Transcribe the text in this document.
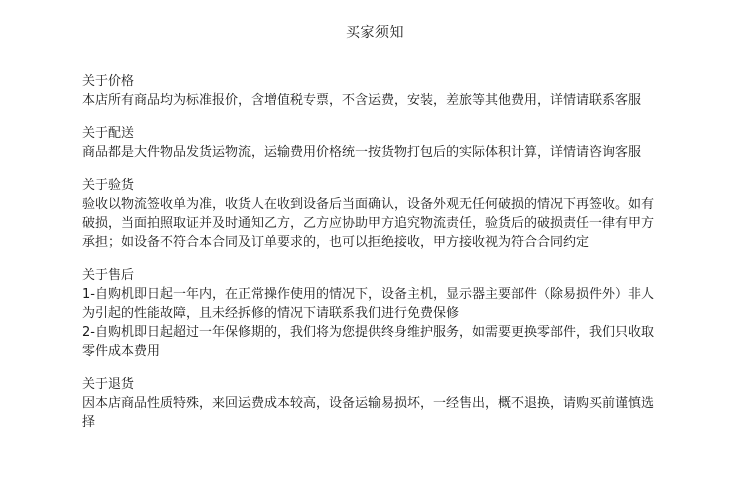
买家须知
关于价格

本店所有商品均为标准报价，含增值税专票，不含运费，安装，差旅等其他费用，详情请联系客服

关于配送

商品都是大件物品发货运物流，运输费用价格统一按货物打包后的实际体积计算，详情请咨询客服

关于验货

验收以物流签收单为准，收货人在收到设备后当面确认，设备外观无任何破损的情况下再签收。如有破损，当面拍照取证并及时通知乙方，乙方应协助甲方追究物流责任，验货后的破损责任一律有甲方承担；如设备不符合本合同及订单要求的，也可以拒绝接收，甲方接收视为符合合同约定

关于售后

1-自购机即日起一年内，在正常操作使用的情况下，设备主机，显示器主要部件（除易损件外）非人为引起的性能故障，且未经拆修的情况下请联系我们进行免费保修

2-自购机即日起超过一年保修期的，我们将为您提供终身维护服务，如需要更换零部件，我们只收取零件成本费用

关于退货

因本店商品性质特殊，来回运费成本较高，设备运输易损坏，一经售出，概不退换，请购买前谨慎选择
